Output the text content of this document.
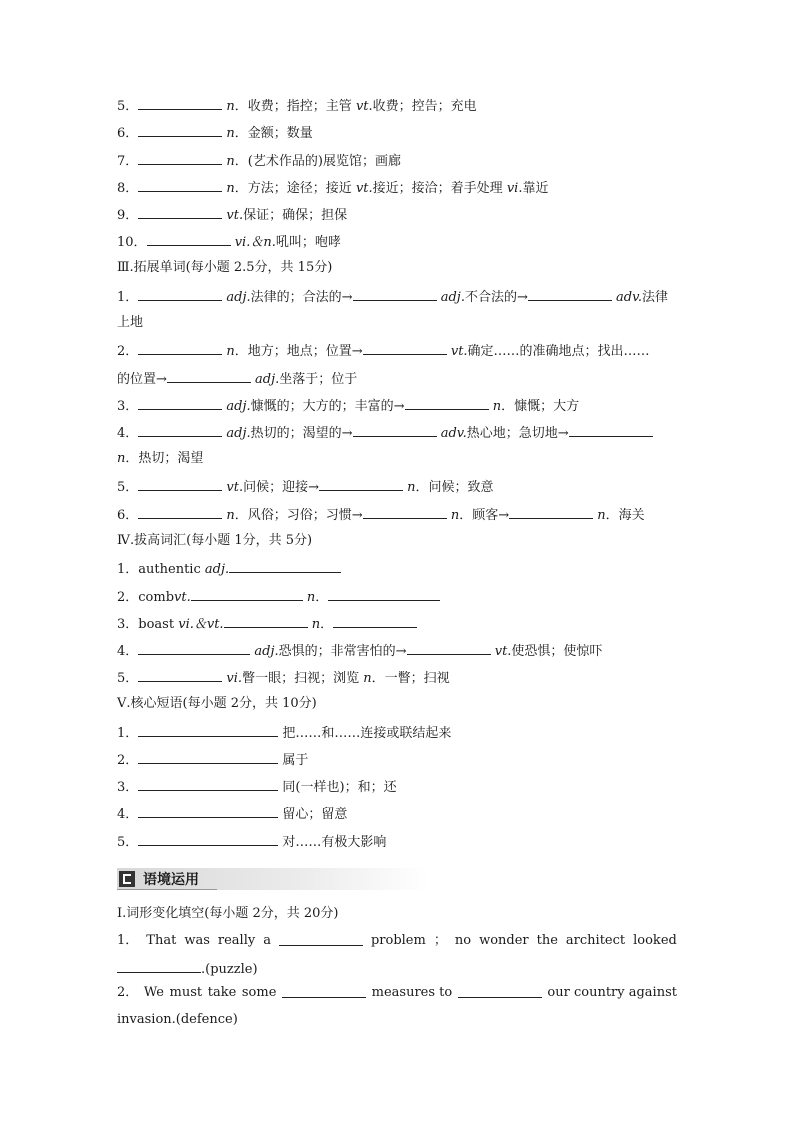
5．	n．收费；指控；主管 vt.收费；控告；充电
6．	n．金额；数量
7．	n．(艺术作品的)展览馆；画廊
8．	n．方法；途径；接近 vt.接近；接洽；着手处理 vi.靠近
9．	vt.保证；确保；担保
10．	vi.＆n.吼叫；咆哮
Ⅲ.拓展单词(每小题 2.5分，共 15分)
1．	adj.法律的；合法的→	adj.不合法的→	adv.法律
上地
2．	n．地方；地点；位置→	vt.确定……的准确地点；找出……
的位置→	adj.坐落于；位于
3．	adj.慷慨的；大方的；丰富的→	n．慷慨；大方
4．	adj.热切的；渴望的→	adv.热心地；急切地→
n．热切；渴望
5．	vt.问候；迎接→	n．问候；致意
6．	n．风俗；习俗；习惯→	n．顾客→	n．海关
Ⅳ.拔高词汇(每小题 1分，共 5分)
1．authentic adj.
2．combvt.	n．
3．boast vi.＆vt.	n．
4．	adj.恐惧的；非常害怕的→	vt.使恐惧；使惊吓
5．	vi.瞥一眼；扫视；浏览 n．一瞥；扫视
Ⅴ.核心短语(每小题 2分，共 10分)
1．	把……和……连接或联结起来
2．	属于
3．	同(一样也)；和；还
4．	留心；留意
5．	对……有极大影响
语境运用
Ⅰ.词形变化填空(每小题 2分，共 20分)
1． That was really a	problem ； no wonder the architect looked
.(puzzle)
2． We must take some	measures to	our country against
invasion.(defence)
